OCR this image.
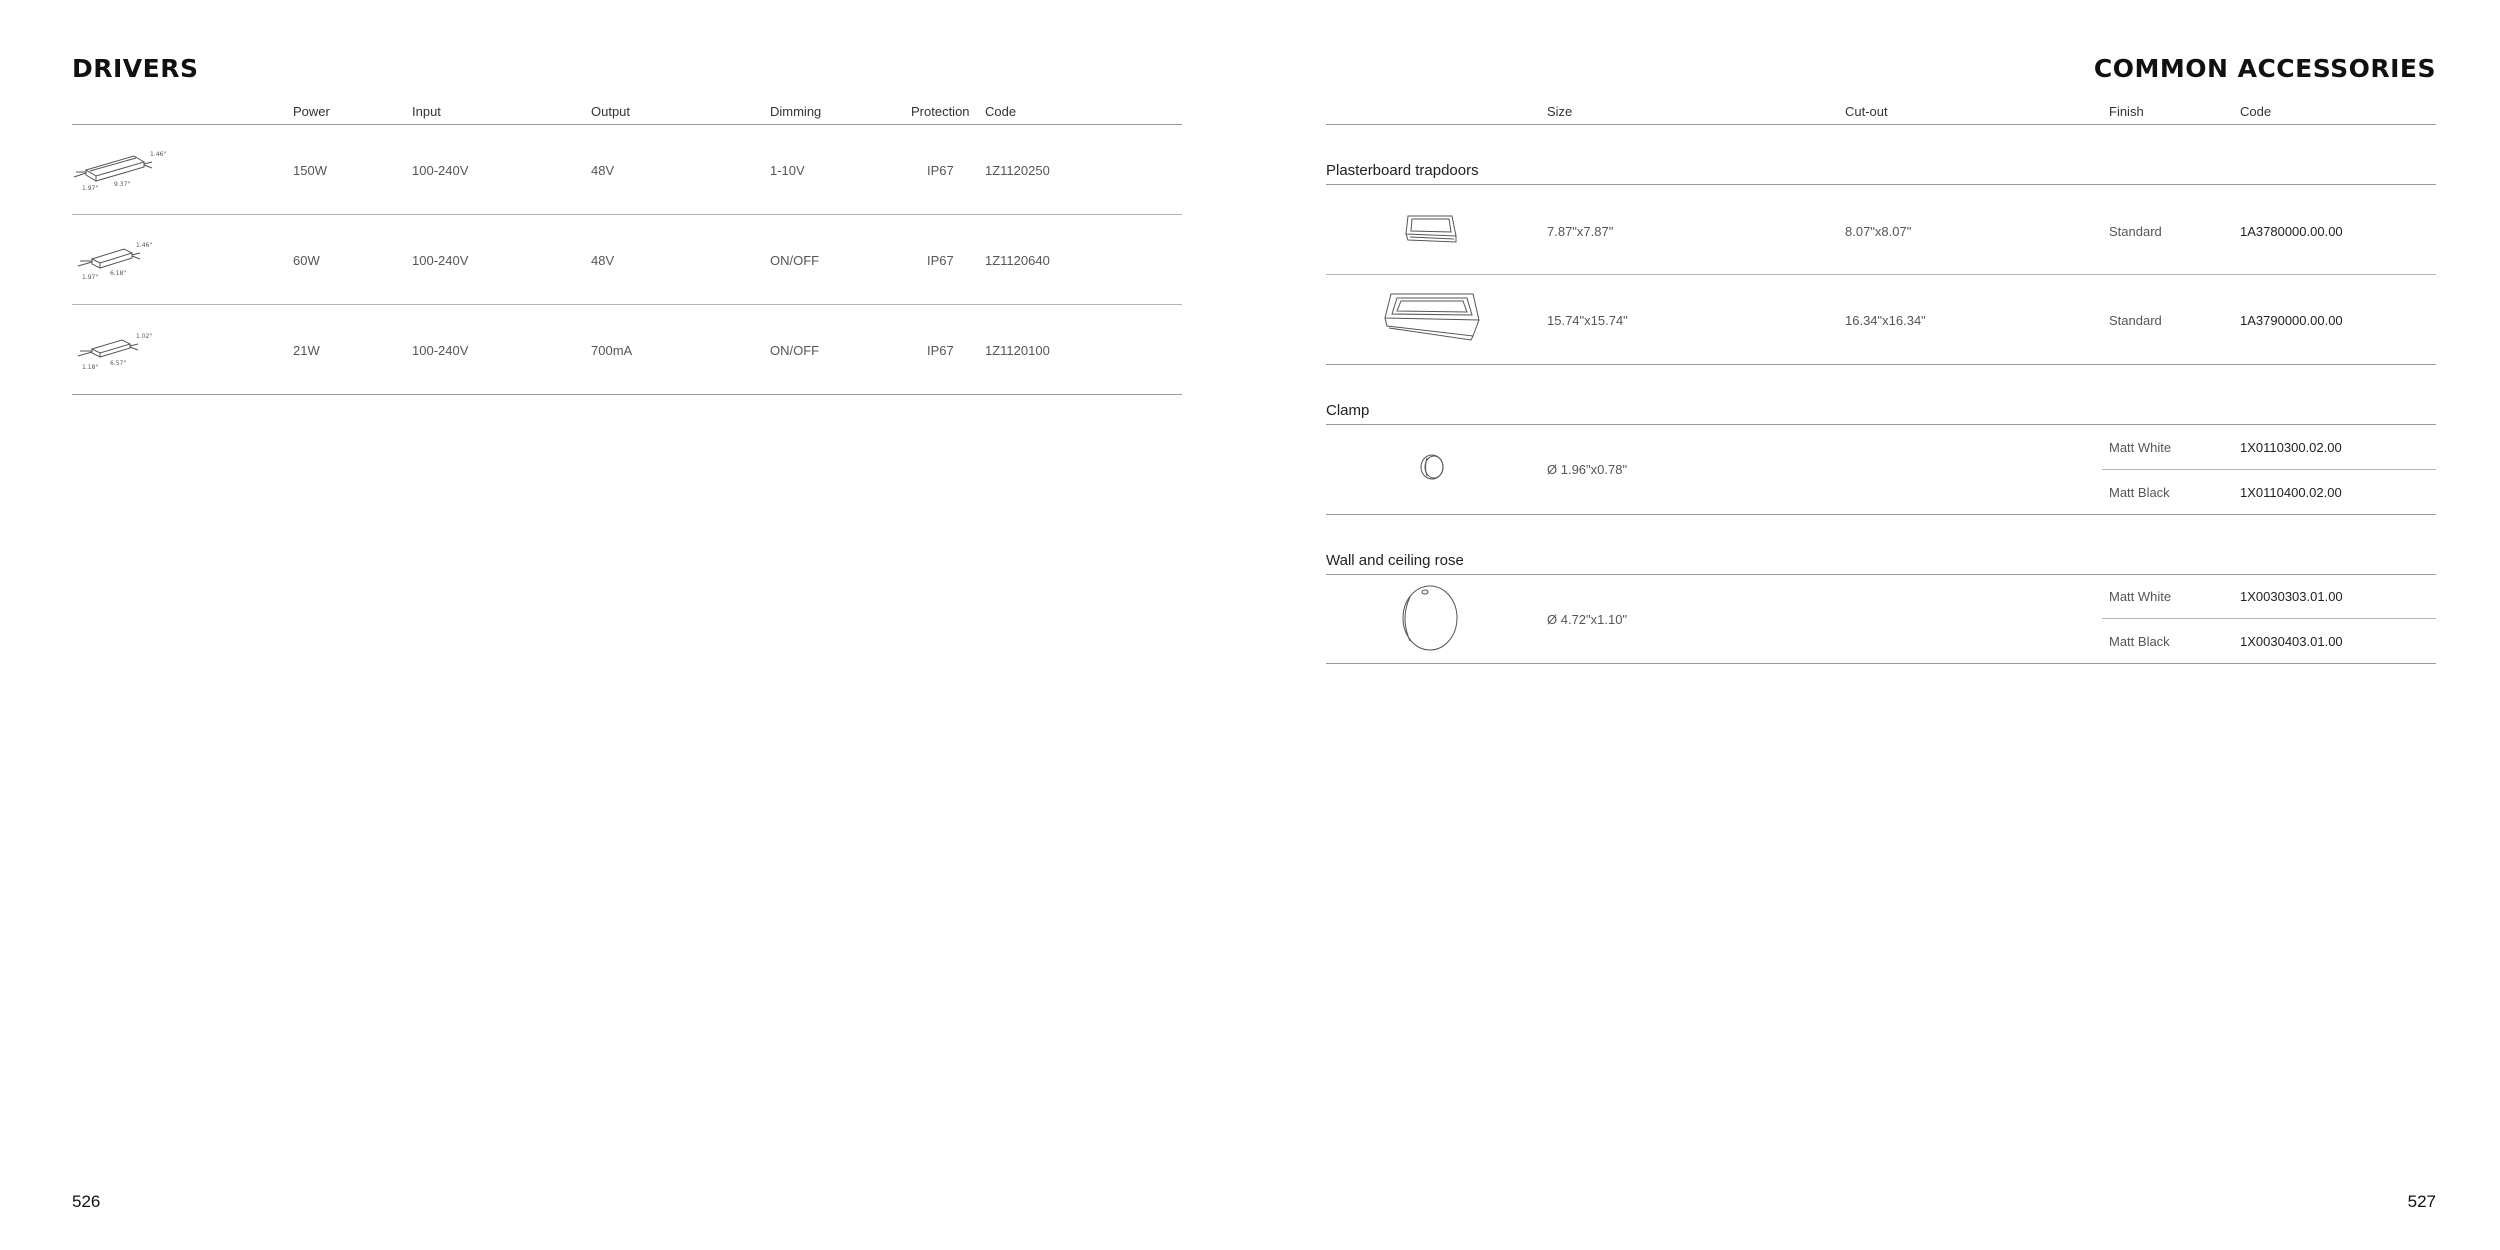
DRIVERS
Power	Input	Output	Dimming	Protection Code
9.37"
1.97"
1.46"
150W	100-240V	48V	1-10V	IP67 1Z1120250
6.18"
1.97"
1.46"
60W	100-240V	48V	ON/OFF	IP67 1Z1120640
6.57"
1.18"
1.02"
21W	100-240V	700mA	ON/OFF	IP67 1Z1120100
526
COMMON ACCESSORIES
Size	Cut-out	Finish	Code
Plasterboard trapdoors
7.87"x7.87"	8.07"x8.07"	Standard	1A3780000.00.00
15.74"x15.74"	16.34"x16.34"	Standard	1A3790000.00.00
Clamp
Ø 1.96"x0.78"
Matt White	1X0110300.02.00
Matt Black	1X0110400.02.00
Wall and ceiling rose
Ø 4.72"x1.10"
Matt White	1X0030303.01.00
Matt Black	1X0030403.01.00
527
